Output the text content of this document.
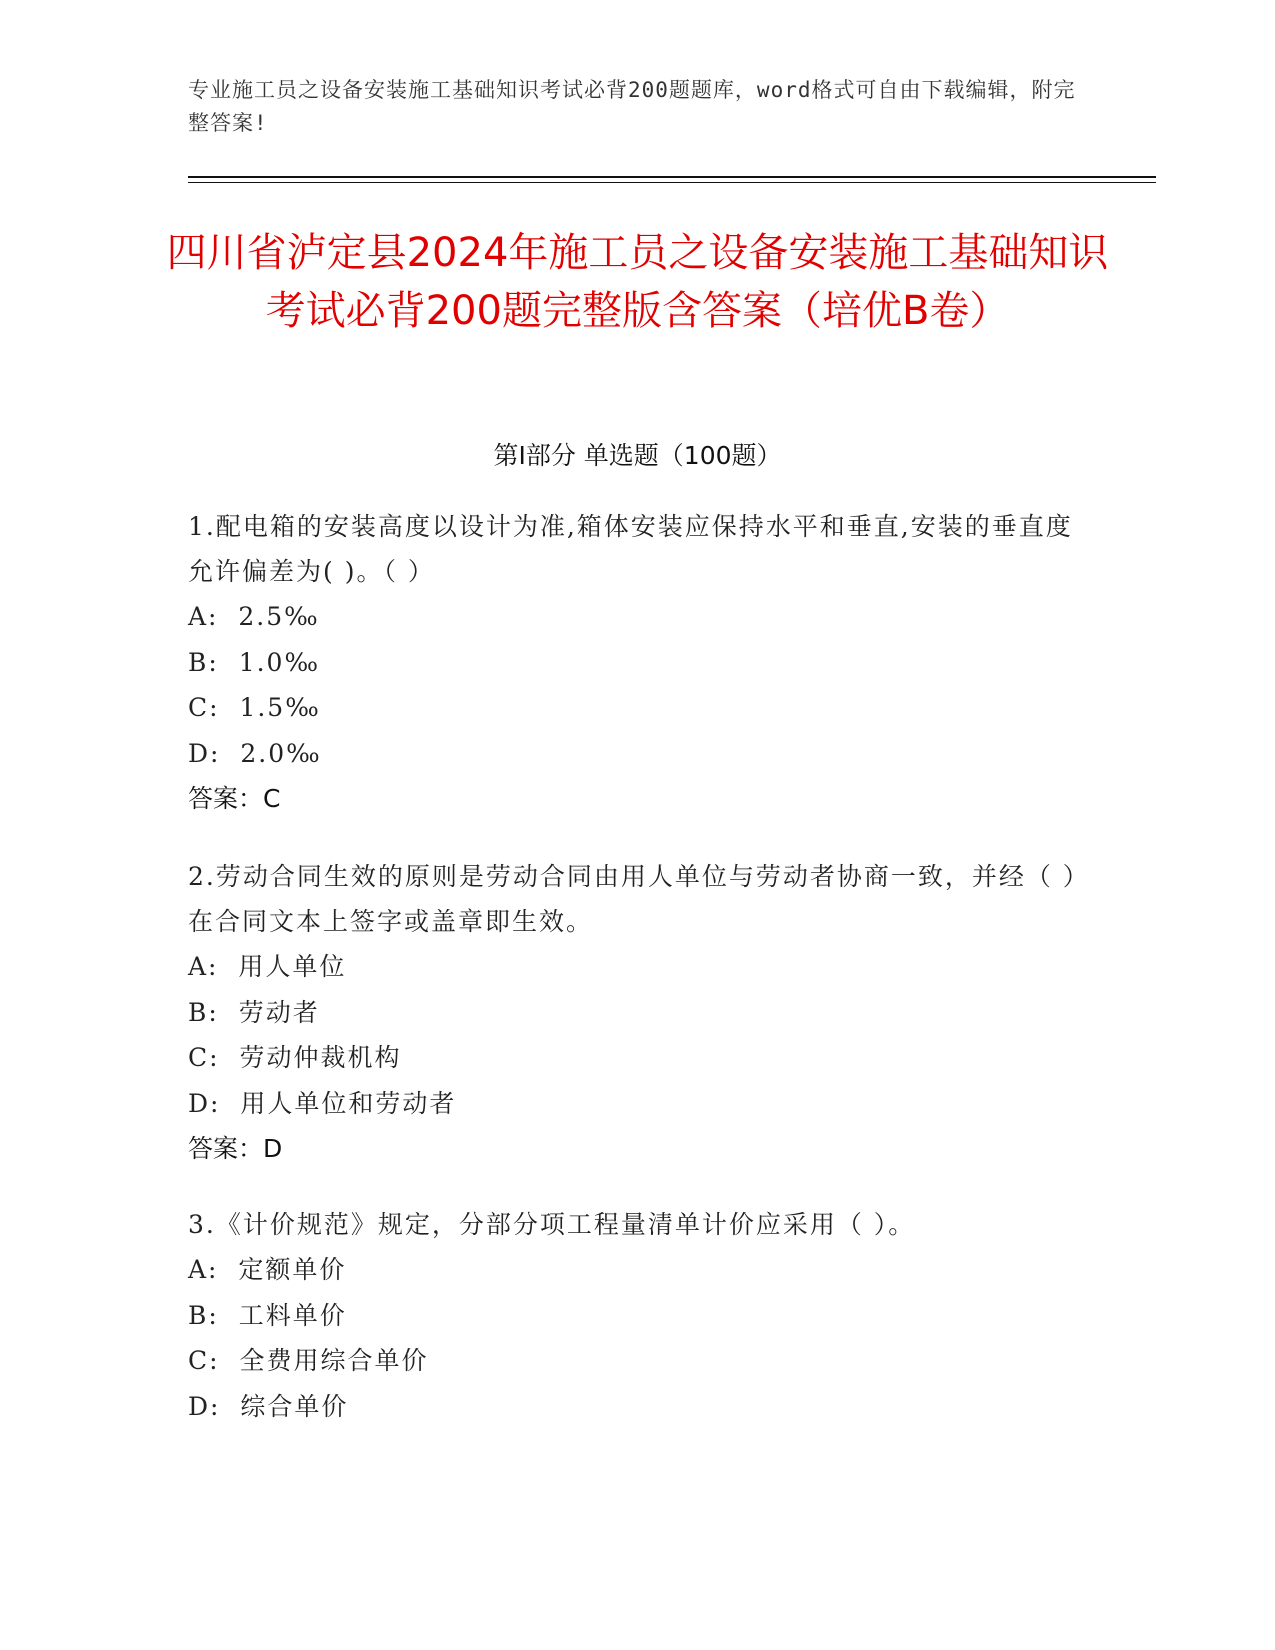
专业施工员之设备安装施工基础知识考试必背200题题库，word格式可自由下载编辑，附完整答案!
四川省泸定县2024年施工员之设备安装施工基础知识考试必背200题完整版含答案（培优B卷）
第Ⅰ部分 单选题（100题）
1.配电箱的安装高度以设计为准,箱体安装应保持水平和垂直,安装的垂直度允许偏差为( )。（ ）
A:  2.5‰
B:  1.0‰
C:  1.5‰
D:  2.0‰
答案：C
2.劳动合同生效的原则是劳动合同由用人单位与劳动者协商一致，并经（ ）在合同文本上签字或盖章即生效。
A:  用人单位
B:  劳动者
C:  劳动仲裁机构
D:  用人单位和劳动者
答案：D
3.《计价规范》规定，分部分项工程量清单计价应采用（ ）。
A:  定额单价
B:  工料单价
C:  全费用综合单价
D:  综合单价
